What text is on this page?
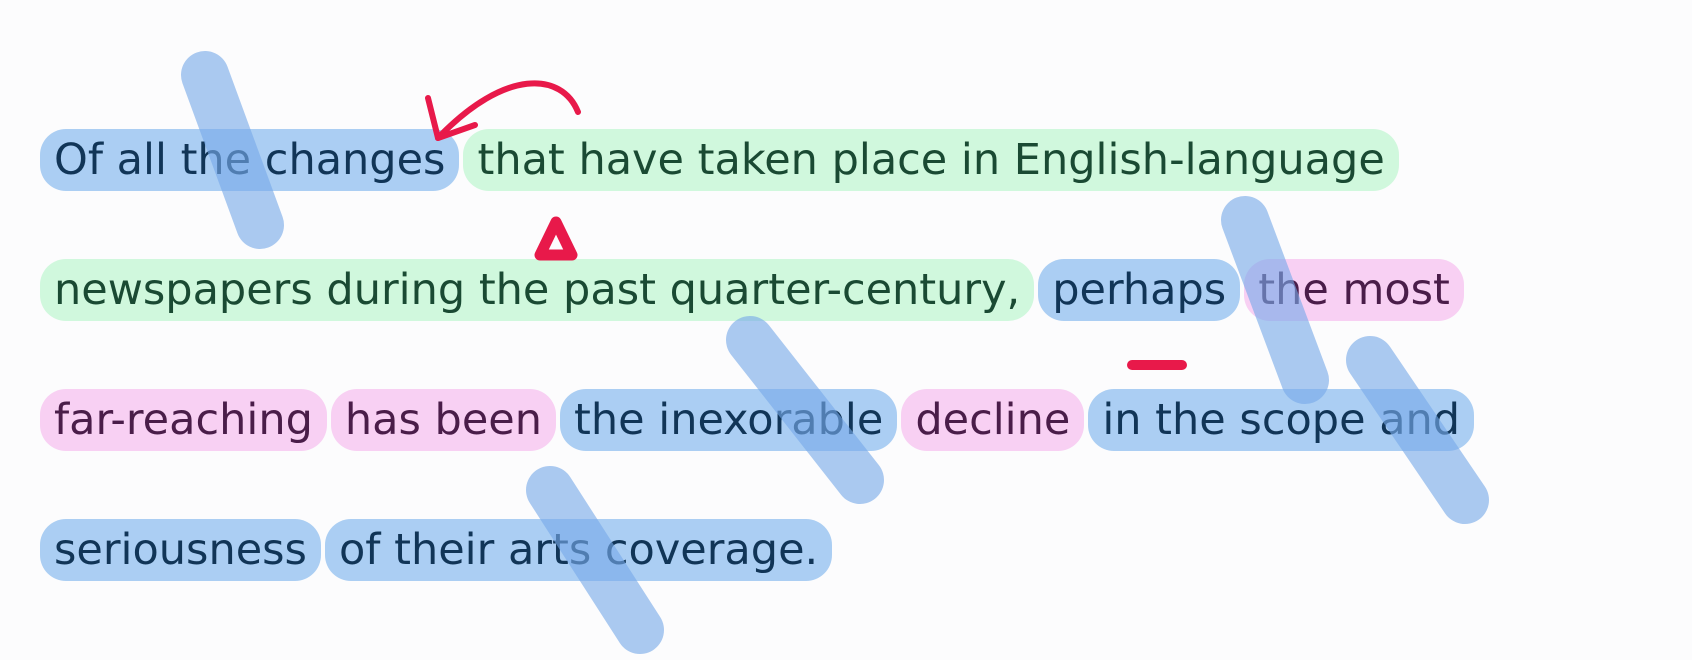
Of all the changes that have taken place in English-language
newspapers during the past quarter-century, perhaps the most
far-reaching has been the inexorable decline in the scope and
seriousness of their arts coverage.
